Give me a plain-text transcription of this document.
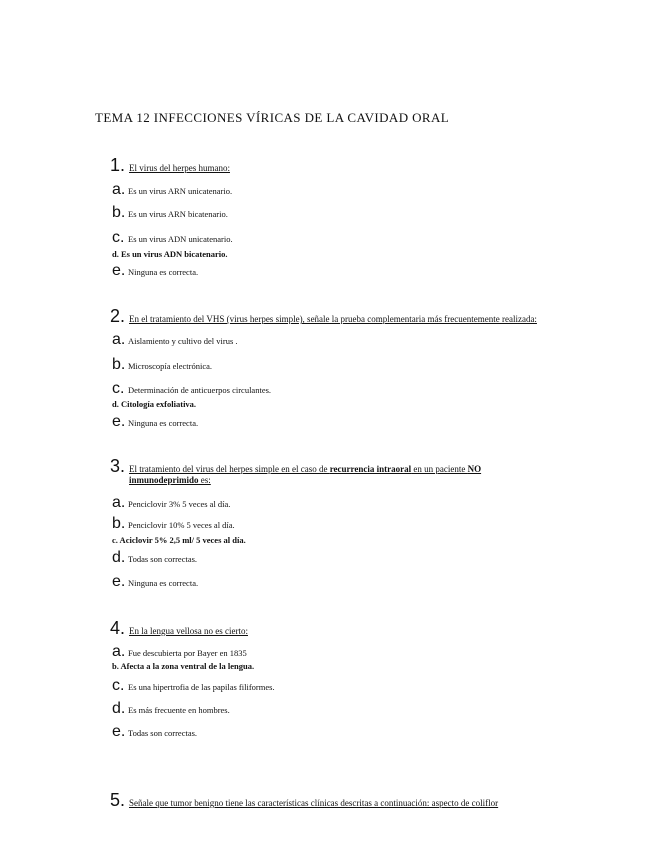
TEMA 12 INFECCIONES VÍRICAS DE LA CAVIDAD ORAL
1. El virus del herpes humano:
a. Es un virus ARN unicatenario.
b. Es un virus ARN bicatenario.
c. Es un virus ADN unicatenario.
d. Es un virus ADN bicatenario.
e. Ninguna es correcta.
2. En el tratamiento del VHS (virus herpes simple), señale la prueba complementaria más frecuentemente realizada:
a. Aislamiento y cultivo del virus .
b. Microscopía electrónica.
c. Determinación de anticuerpos circulantes.
d. Citología exfoliativa.
e. Ninguna es correcta.
3. El tratamiento del virus del herpes simple en el caso de recurrencia intraoral en un paciente NO
inmunodeprimido es:
a. Penciclovir 3% 5 veces al día.
b. Penciclovir 10% 5 veces al día.
c. Aciclovir 5% 2,5 ml/ 5 veces al día.
d. Todas son correctas.
e. Ninguna es correcta.
4. En la lengua vellosa no es cierto:
a. Fue descubierta por Bayer en 1835
b. Afecta a la zona ventral de la lengua.
c. Es una hipertrofia de las papilas filiformes.
d. Es más frecuente en hombres.
e. Todas son correctas.
5. Señale que tumor benigno tiene las características clínicas descritas a continuación: aspecto de coliflor
